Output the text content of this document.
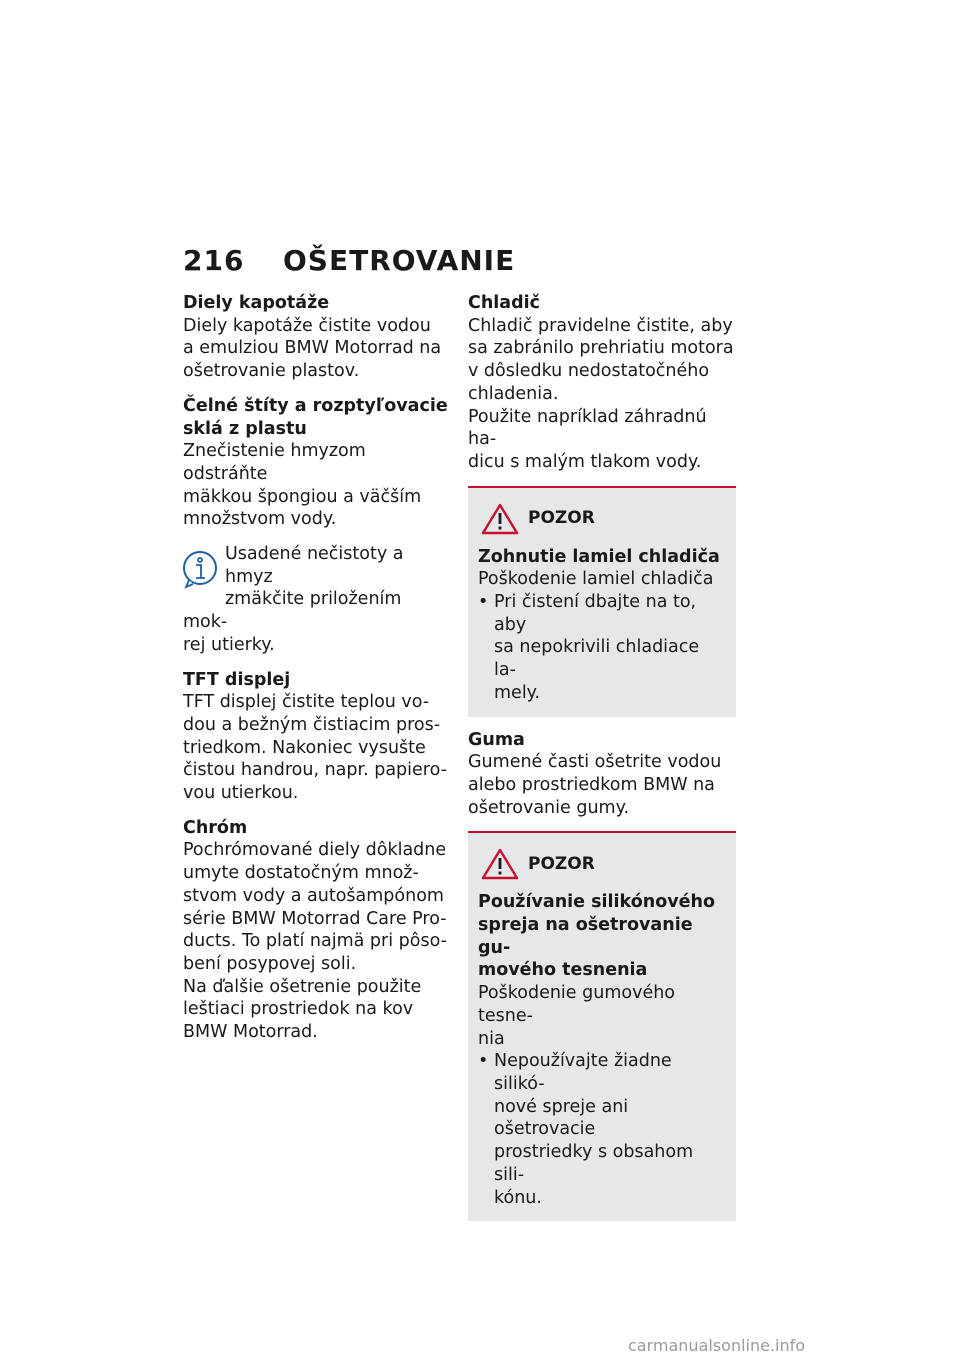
216	OŠETROVANIE

Diely kapotáže

Diely kapotáže čistite vodou
a emulziou BMW Motorrad na
ošetrovanie plastov.

Čelné štíty a rozptyľovacie
sklá z plastu

Znečistenie hmyzom odstráňte
mäkkou špongiou a väčším
množstvom vody.

Usadené nečistoty a hmyz
zmäkčite priložením mok-
rej utierky.

TFT displej

TFT displej čistite teplou vo-
dou a bežným čistiacim pros-
triedkom. Nakoniec vysušte
čistou handrou, napr. papiero-
vou utierkou.

Chróm

Pochrómované diely dôkladne
umyte dostatočným množ-
stvom vody a autošampónom
série BMW Motorrad Care Pro-
ducts. To platí najmä pri pôso-
bení posypovej soli.
Na ďalšie ošetrenie použite
leštiaci prostriedok na kov
BMW Motorrad.

Chladič

Chladič pravidelne čistite, aby
sa zabránilo prehriatiu motora
v dôsledku nedostatočného
chladenia.
Použite napríklad záhradnú ha-
dicu s malým tlakom vody.

POZOR

Zohnutie lamiel chladiča

Poškodenie lamiel chladiča

• Pri čistení dbajte na to, aby
sa nepokrivili chladiace la-
mely.

Guma

Gumené časti ošetrite vodou
alebo prostriedkom BMW na
ošetrovanie gumy.

POZOR

Používanie silikónového
spreja na ošetrovanie gu-
mového tesnenia

Poškodenie gumového tesne-
nia

• Nepoužívajte žiadne silikó-
nové spreje ani ošetrovacie
prostriedky s obsahom sili-
kónu.
carmanualsonline.info
